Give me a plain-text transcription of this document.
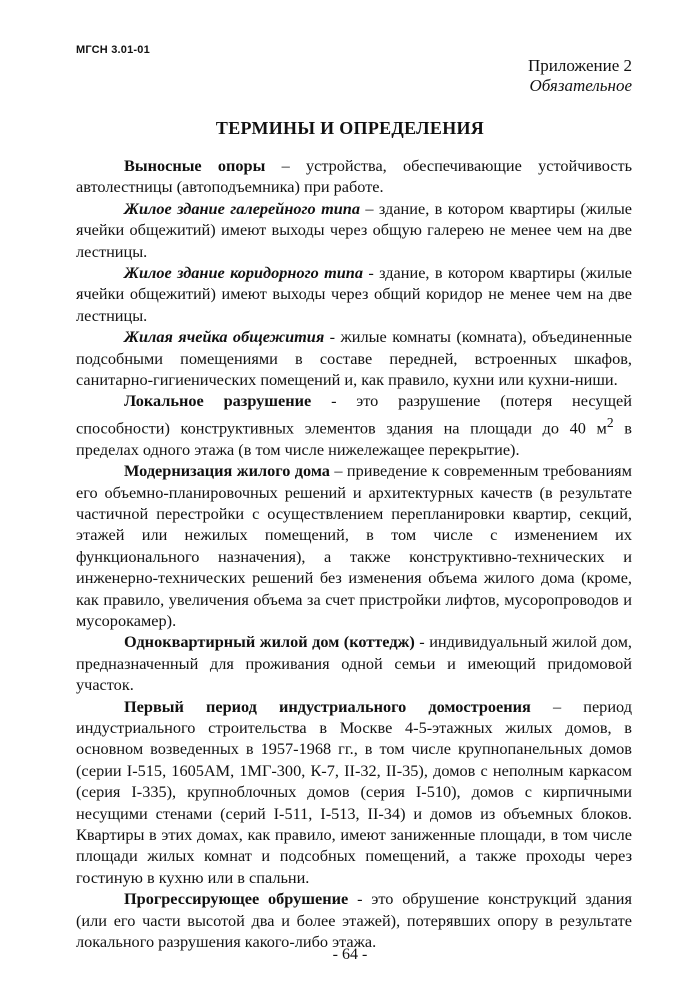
МГСН 3.01-01
Приложение 2
Обязательное
ТЕРМИНЫ И ОПРЕДЕЛЕНИЯ

Выносные опоры – устройства, обеспечивающие устойчивость автолестницы (автоподъемника) при работе.

Жилое здание галерейного типа – здание, в котором квартиры (жилые ячейки общежитий) имеют выходы через общую галерею не менее чем на две лестницы.

Жилое здание коридорного типа - здание, в котором квартиры (жилые ячейки общежитий) имеют выходы через общий коридор не менее чем на две лестницы.

Жилая ячейка общежития - жилые комнаты (комната), объединенные подсобными помещениями в составе передней, встроенных шкафов, санитарно-гигиенических помещений и, как правило, кухни или кухни-ниши.

Локальное разрушение - это разрушение (потеря несущей способности) конструктивных элементов здания на площади до 40 $м^2$ в пределах одного этажа (в том числе нижележащее перекрытие).

Модернизация жилого дома – приведение к современным требованиям его объемно-планировочных решений и архитектурных качеств (в результате частичной перестройки с осуществлением перепланировки квартир, секций, этажей или нежилых помещений, в том числе с изменением их функционального назначения), а также конструктивно-технических и инженерно-технических решений без изменения объема жилого дома (кроме, как правило, увеличения объема за счет пристройки лифтов, мусоропроводов и мусорокамер).

Одноквартирный жилой дом (коттедж) - индивидуальный жилой дом, предназначенный для проживания одной семьи и имеющий придомовой участок.

Первый период индустриального домостроения – период индустриального строительства в Москве 4-5-этажных жилых домов, в основном возведенных в 1957-1968 гг., в том числе крупнопанельных домов (серии I-515, 1605АМ, 1МГ-300, К-7, II-32, II-35), домов с неполным каркасом (серия I-335), крупноблочных домов (серия I-510), домов с кирпичными несущими стенами (серий I-511, I-513, II-34) и домов из объемных блоков. Квартиры в этих домах, как правило, имеют заниженные площади, в том числе площади жилых комнат и подсобных помещений, а также проходы через гостиную в кухню или в спальни.

Прогрессирующее обрушение - это обрушение конструкций здания (или его части высотой два и более этажей), потерявших опору в результате локального разрушения какого-либо этажа.

- 64 -
